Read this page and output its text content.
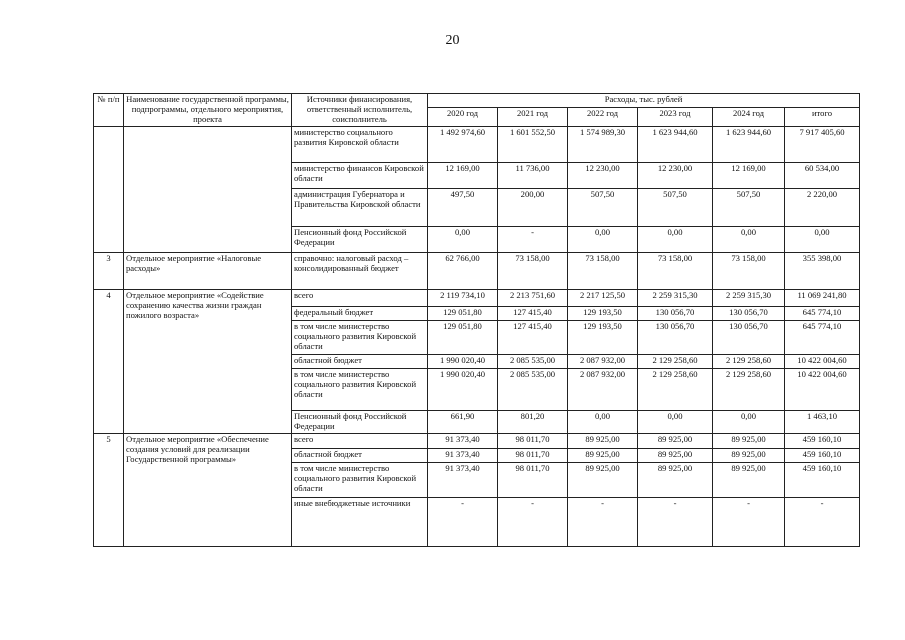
20
№ п/п	Наименование государственной программы, подпрограммы, отдельного мероприятия, проекта	Источники финансирования, ответственный исполнитель, соисполнитель	Расходы, тыс. рублей					
			2020 год	2021 год	2022 год	2023 год	2024 год	итого
		министерство социального развития Кировской области	1 492 974,60	1 601 552,50	1 574 989,30	1 623 944,60	1 623 944,60	7 917 405,60
		министерство финансов Кировской области	12 169,00	11 736,00	12 230,00	12 230,00	12 169,00	60 534,00
		администрация Губернатора и Правительства Кировской области	497,50	200,00	507,50	507,50	507,50	2 220,00
		Пенсионный фонд Российской Федерации	0,00	-	0,00	0,00	0,00	0,00
3	Отдельное мероприятие «Налоговые расходы»	справочно: налоговый расход – консолидированный бюджет	62 766,00	73 158,00	73 158,00	73 158,00	73 158,00	355 398,00
4	Отдельное мероприятие «Содействие сохранению качества жизни граждан пожилого возраста»	всего	2 119 734,10	2 213 751,60	2 217 125,50	2 259 315,30	2 259 315,30	11 069 241,80
		федеральный бюджет	129 051,80	127 415,40	129 193,50	130 056,70	130 056,70	645 774,10
		в том числе министерство социального развития Кировской области	129 051,80	127 415,40	129 193,50	130 056,70	130 056,70	645 774,10
		областной бюджет	1 990 020,40	2 085 535,00	2 087 932,00	2 129 258,60	2 129 258,60	10 422 004,60
		в том числе министерство социального развития Кировской области	1 990 020,40	2 085 535,00	2 087 932,00	2 129 258,60	2 129 258,60	10 422 004,60
		Пенсионный фонд Российской Федерации	661,90	801,20	0,00	0,00	0,00	1 463,10
5	Отдельное мероприятие «Обеспечение создания условий для реализации Государственной программы»	всего	91 373,40	98 011,70	89 925,00	89 925,00	89 925,00	459 160,10
		областной бюджет	91 373,40	98 011,70	89 925,00	89 925,00	89 925,00	459 160,10
		в том числе министерство социального развития Кировской области	91 373,40	98 011,70	89 925,00	89 925,00	89 925,00	459 160,10
		иные внебюджетные источники	-	-	-	-	-	-
